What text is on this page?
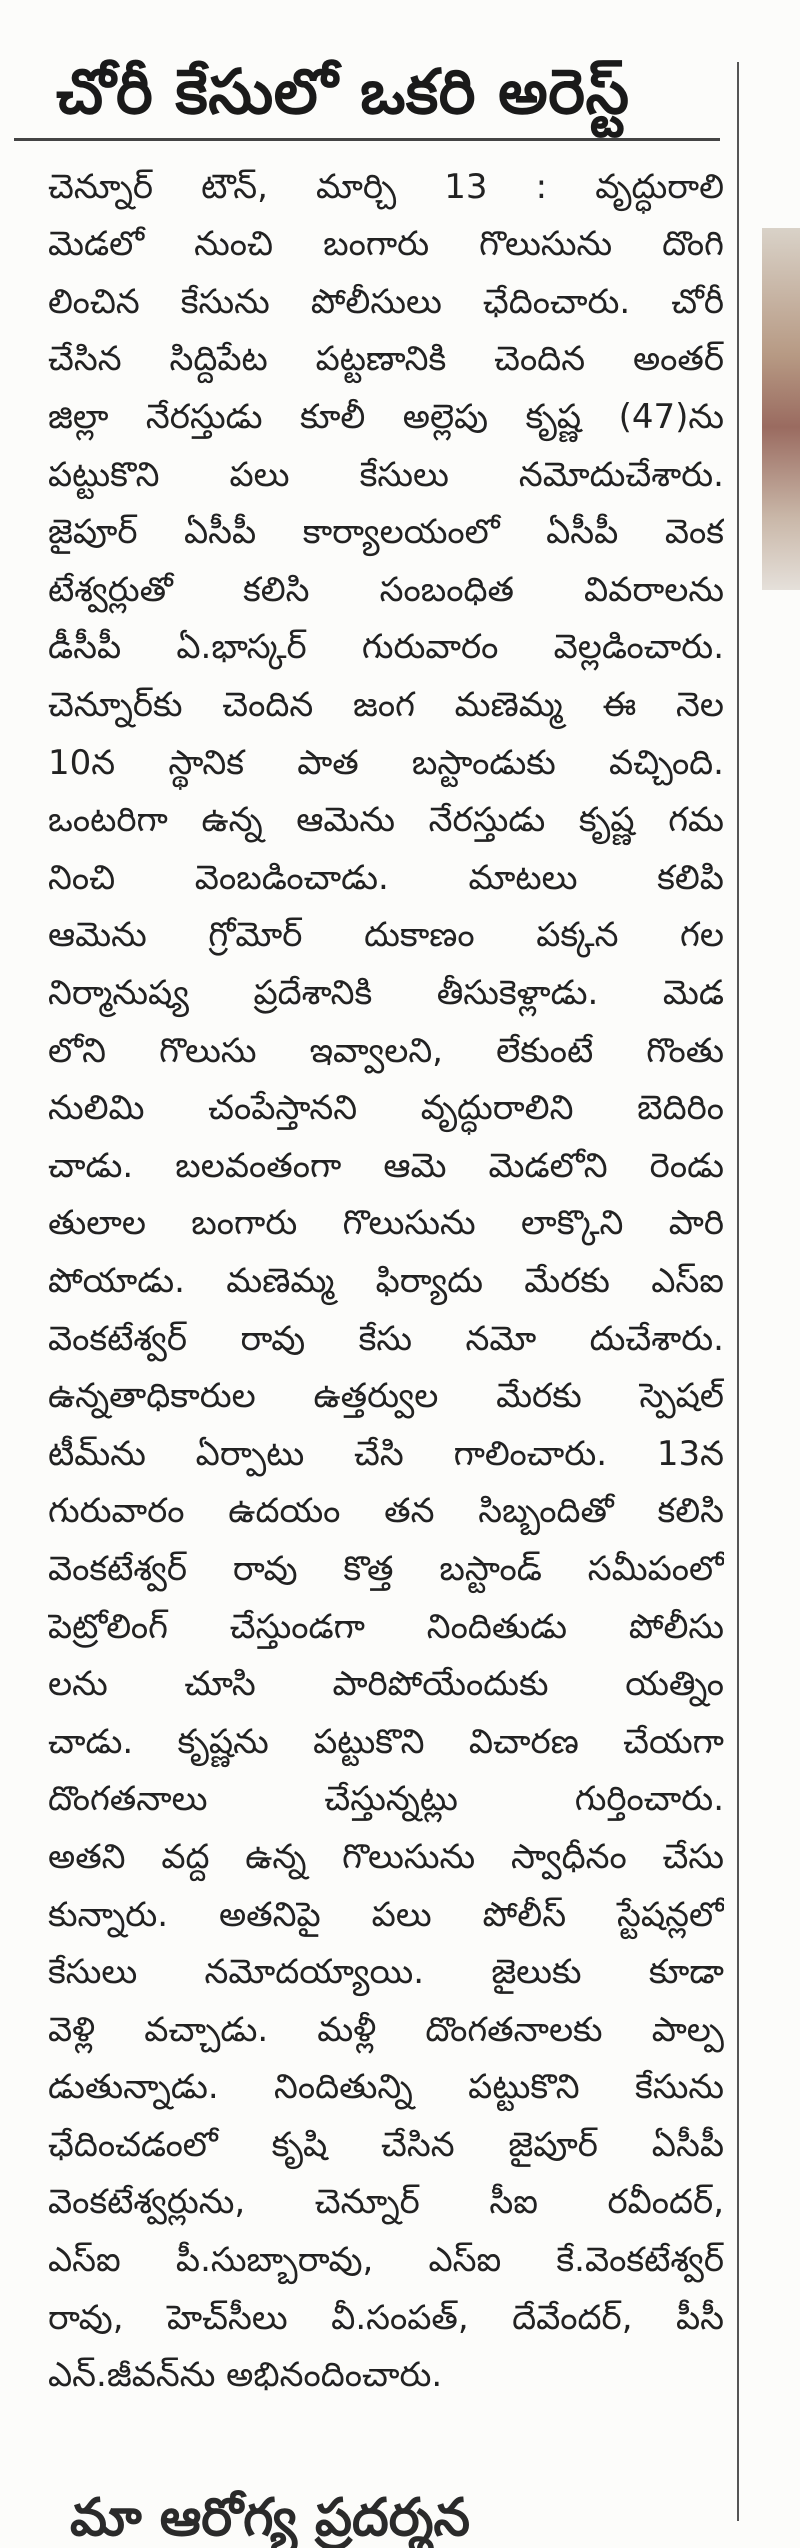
చోరీ కేసులో ఒకరి అరెస్ట్
చెన్నూర్ టౌన్, మార్చి 13 : వృద్ధురాలి
మెడలో నుంచి బంగారు గొలుసును దొంగి
లించిన కేసును పోలీసులు ఛేదించారు. చోరీ
చేసిన సిద్దిపేట పట్టణానికి చెందిన అంతర్
జిల్లా నేరస్తుడు కూలీ అల్లెపు కృష్ణ (47)ను
పట్టుకొని పలు కేసులు నమోదుచేశారు.
జైపూర్ ఏసీపీ కార్యాలయంలో ఏసీపీ వెంక
టేశ్వర్లుతో కలిసి సంబంధిత వివరాలను
డీసీపీ ఏ.భాస్కర్ గురువారం వెల్లడించారు.
చెన్నూర్‌కు చెందిన జంగ మణెమ్మ ఈ నెల
10న స్థానిక పాత బస్టాండుకు వచ్చింది.
ఒంటరిగా ఉన్న ఆమెను నేరస్తుడు కృష్ణ గమ
నించి వెంబడించాడు. మాటలు కలిపి
ఆమెను గ్రోమోర్ దుకాణం పక్కన గల
నిర్మానుష్య ప్రదేశానికి తీసుకెళ్లాడు. మెడ
లోని గొలుసు ఇవ్వాలని, లేకుంటే గొంతు
నులిమి చంపేస్తానని వృద్ధురాలిని బెదిరిం
చాడు. బలవంతంగా ఆమె మెడలోని రెండు
తులాల బంగారు గొలుసును లాక్కొని పారి
పోయాడు. మణెమ్మ ఫిర్యాదు మేరకు ఎస్ఐ
వెంకటేశ్వర్ రావు కేసు నమో దుచేశారు.
ఉన్నతాధికారుల ఉత్తర్వుల మేరకు స్పెషల్
టీమ్‌ను ఏర్పాటు చేసి గాలించారు. 13న
గురువారం ఉదయం తన సిబ్బందితో కలిసి
వెంకటేశ్వర్ రావు కొత్త బస్టాండ్ సమీపంలో
పెట్రోలింగ్ చేస్తుండగా నిందితుడు పోలీసు
లను చూసి పారిపోయేందుకు యత్నిం
చాడు. కృష్ణను పట్టుకొని విచారణ చేయగా
దొంగతనాలు చేస్తున్నట్లు గుర్తించారు.
అతని వద్ద ఉన్న గొలుసును స్వాధీనం చేసు
కున్నారు. అతనిపై పలు పోలీస్ స్టేషన్లలో
కేసులు నమోదయ్యాయి. జైలుకు కూడా
వెళ్లి వచ్చాడు. మళ్లీ దొంగతనాలకు పాల్ప
డుతున్నాడు. నిందితున్ని పట్టుకొని కేసును
ఛేదించడంలో కృషి చేసిన జైపూర్ ఏసీపీ
వెంకటేశ్వర్లును, చెన్నూర్ సీఐ రవీందర్,
ఎస్ఐ పీ.సుబ్బారావు, ఎస్ఐ కే.వెంకటేశ్వర్
రావు, హెచ్‌సీలు వీ.సంపత్, దేవేందర్, పీసీ
ఎన్.జీవన్‌ను అభినందించారు.
మా ఆరోగ్య ప్రదర్శన
